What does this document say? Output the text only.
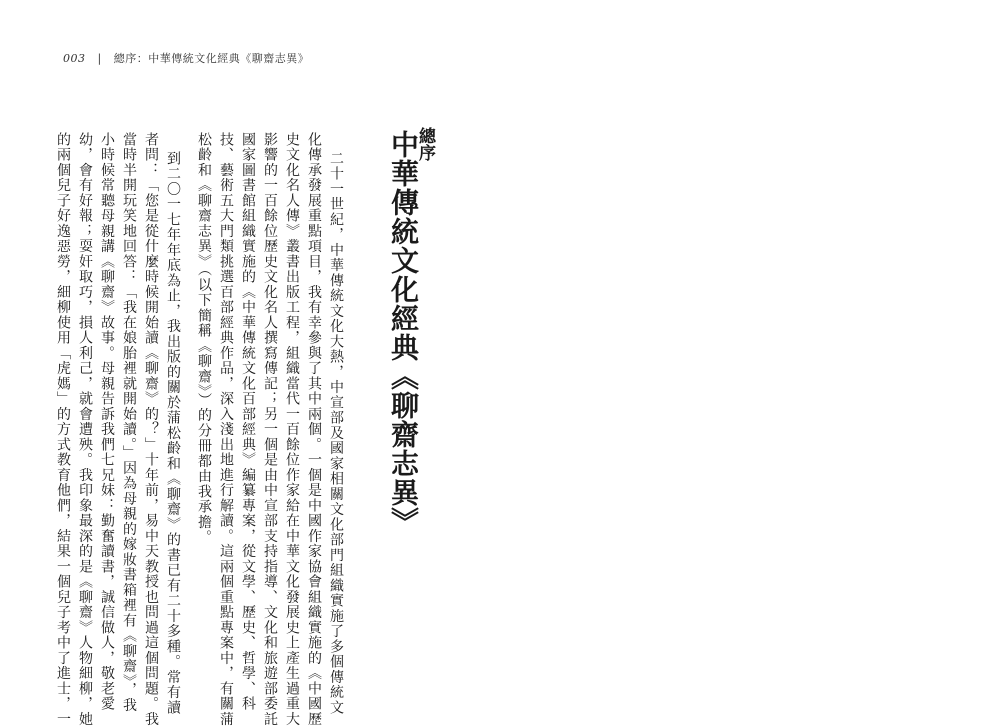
003 | 總序：中華傳統文化經典《聊齋志異》
總序
中華傳統文化經典《聊齋志異》
二十一世紀，中華傳統文化大熱，中宣部及國家相關文化部門組織實施了多個傳統文
化傳承發展重點項目，我有幸參與了其中兩個。一個是中國作家協會組織實施的《中國歷
史文化名人傳》叢書出版工程，組織當代一百餘位作家給在中華文化發展史上產生過重大
影響的一百餘位歷史文化名人撰寫傳記；另一個是由中宣部支持指導、文化和旅遊部委託
國家圖書館組織實施的《中華傳統文化百部經典》編纂專案，從文學、歷史、哲學、科
技、藝術五大門類挑選百部經典作品，深入淺出地進行解讀。這兩個重點專案中，有關蒲
松齡和《聊齋志異》（以下簡稱《聊齋》）的分冊都由我承擔。
到二〇一七年年底為止，我出版的關於蒲松齡和《聊齋》的書已有二十多種。常有讀
者問：「您是從什麼時候開始讀《聊齋》的？」十年前，易中天教授也問過這個問題。我
當時半開玩笑地回答：「我在娘胎裡就開始讀。」因為母親的嫁妝書箱裡有《聊齋》，我
小時候常聽母親講《聊齋》故事。母親告訴我們七兄妹：勤奮讀書，誠信做人，敬老愛
幼，會有好報；耍奸取巧，損人利己，就會遭殃。我印象最深的是《聊齋》人物細柳，她
的兩個兒子好逸惡勞，細柳使用「虎媽」的方式教育他們，結果一個兒子考中了進士，一
